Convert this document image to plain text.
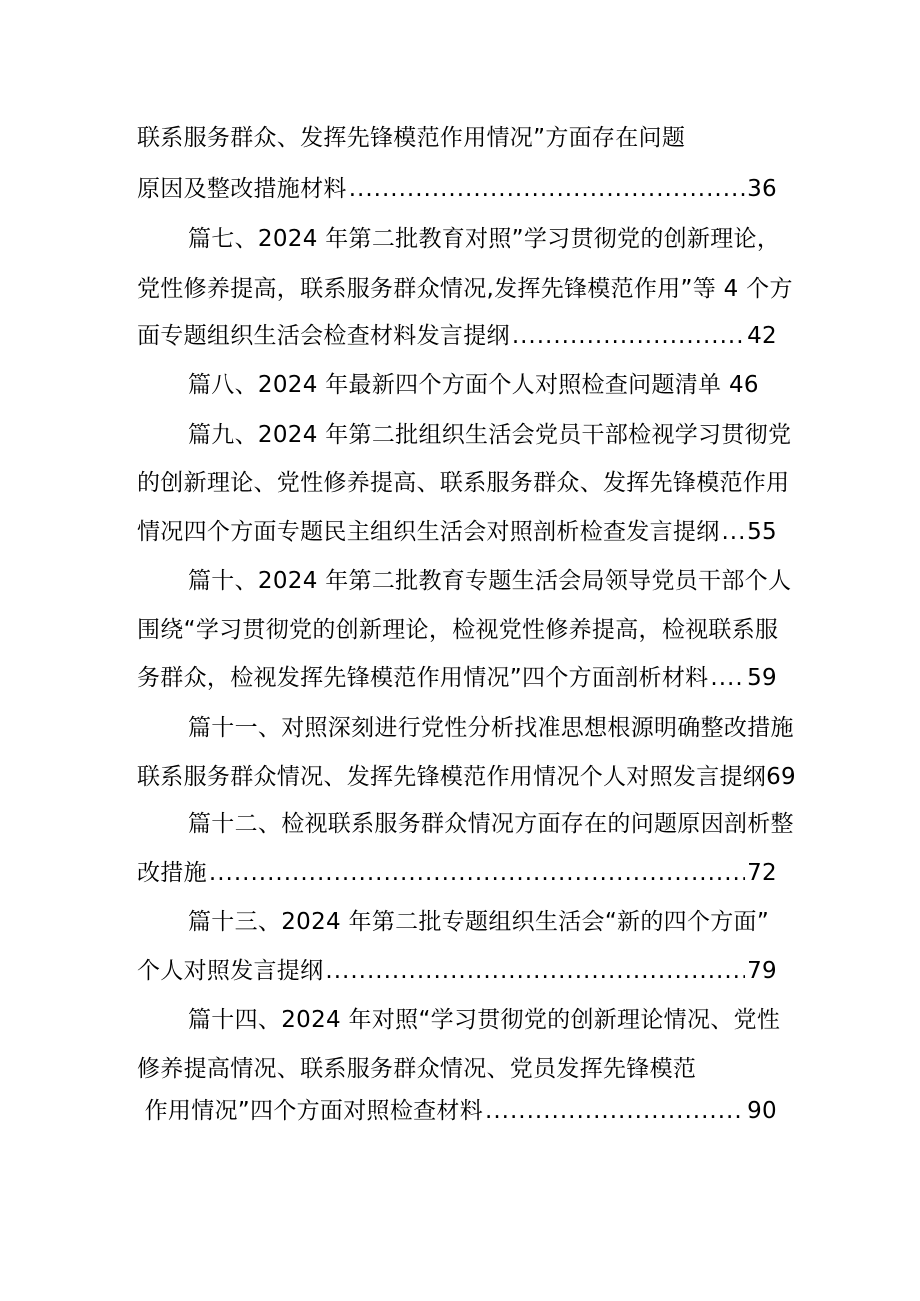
联系服务群众、发挥先锋模范作用情况”方面存在问题
原因及整改措施材料 .....	36
篇七、2024 年第二批教育对照”学习贯彻党的创新理论，
党性修养提高，联系服务群众情况,发挥先锋模范作用”等 4 个方
面专题组织生活会检查材料发言提纲 .....	42
篇八、2024 年最新四个方面个人对照检查问题清单 46
篇九、2024 年第二批组织生活会党员干部检视学习贯彻党
的创新理论、党性修养提高、联系服务群众、发挥先锋模范作用
情况四个方面专题民主组织生活会对照剖析检查发言提纲 ..... 55
篇十、2024 年第二批教育专题生活会局领导党员干部个人
围绕“学习贯彻党的创新理论，检视党性修养提高，检视联系服
务群众，检视发挥先锋模范作用情况”四个方面剖析材料 ..... 59
篇十一、对照深刻进行党性分析找准思想根源明确整改措施
联系服务群众情况、发挥先锋模范作用情况个人对照发言提纲69
篇十二、检视联系服务群众情况方面存在的问题原因剖析整
改措施 .....	72
篇十三、2024 年第二批专题组织生活会“新的四个方面”
个人对照发言提纲 .....	79
篇十四、2024 年对照“学习贯彻党的创新理论情况、党性
修养提高情况、联系服务群众情况、党员发挥先锋模范
作用情况”四个方面对照检查材料 .....	90
